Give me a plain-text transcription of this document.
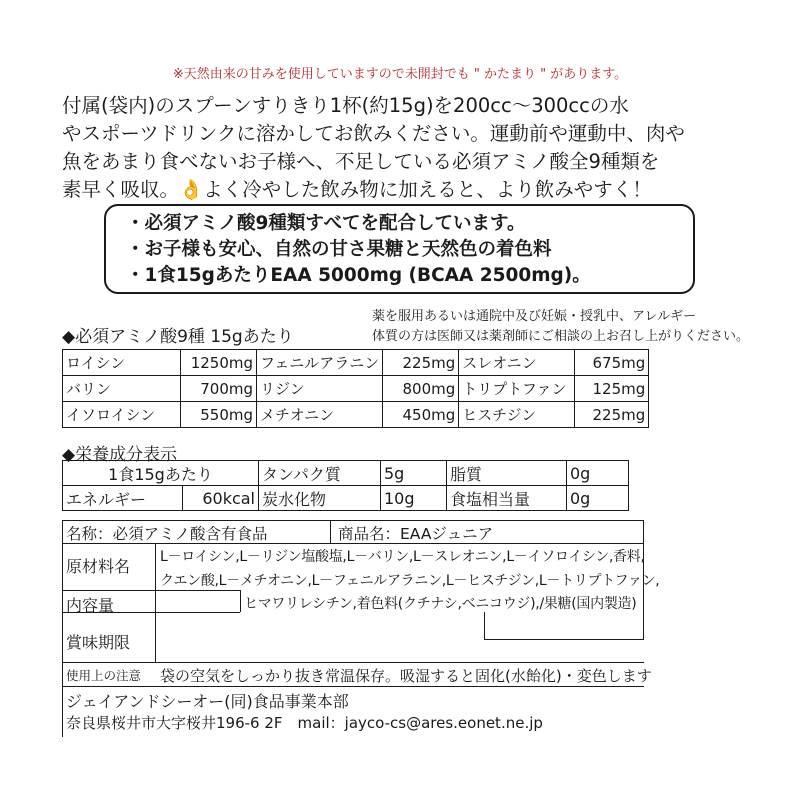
※天然由来の甘みを使用していますので未開封でも " かたまり " があります。
付属(袋内)のスプーンすりきり1杯(約15g)を200cc～300ccの水
やスポーツドリンクに溶かしてお飲みください。運動前や運動中、肉や
魚をあまり食べないお子様へ、不足している必須アミノ酸全9種類を
素早く吸収。👌よく冷やした飲み物に加えると、より飲みやすく！
・必須アミノ酸9種類すべてを配合しています。
・お子様も安心、自然の甘さ果糖と天然色の着色料
・1食15gあたりEAA 5000mg (BCAA 2500mg)。
薬を服用あるいは通院中及び妊娠・授乳中、アレルギー
体質の方は医師又は薬剤師にご相談の上お召し上がりください。
◆必須アミノ酸9種 15gあたり
ロイシン	1250mg	フェニルアラニン	225mg	スレオニン	675mg
バリン	700mg	リジン	800mg	トリプトファン	125mg
イソロイシン	550mg	メチオニン	450mg	ヒスチジン	225mg
◆栄養成分表示
1食15gあたり		タンパク質	5g	脂質	0g
エネルギー	60kcal	炭水化物	10g	食塩相当量	0g
名称：必須アミノ酸含有食品	商品名：EAAジュニア
原材料名 L－ロイシン,L－リジン塩酸塩,L－バリン,L－スレオニン,L－イソロイシン,香料,
クエン酸,L－メチオニン,L－フェニルアラニン,L－ヒスチジン,L－トリプトファン,
ヒマワリレシチン,着色料(クチナシ,ベニコウジ),/果糖(国内製造)
内容量
賞味期限
使用上の注意 袋の空気をしっかり抜き常温保存。吸湿すると固化(水飴化)・変色します
ジェイアンドシーオー(同)食品事業本部
奈良県桜井市大字桜井196-6 2F　mail：jayco-cs@ares.eonet.ne.jp
